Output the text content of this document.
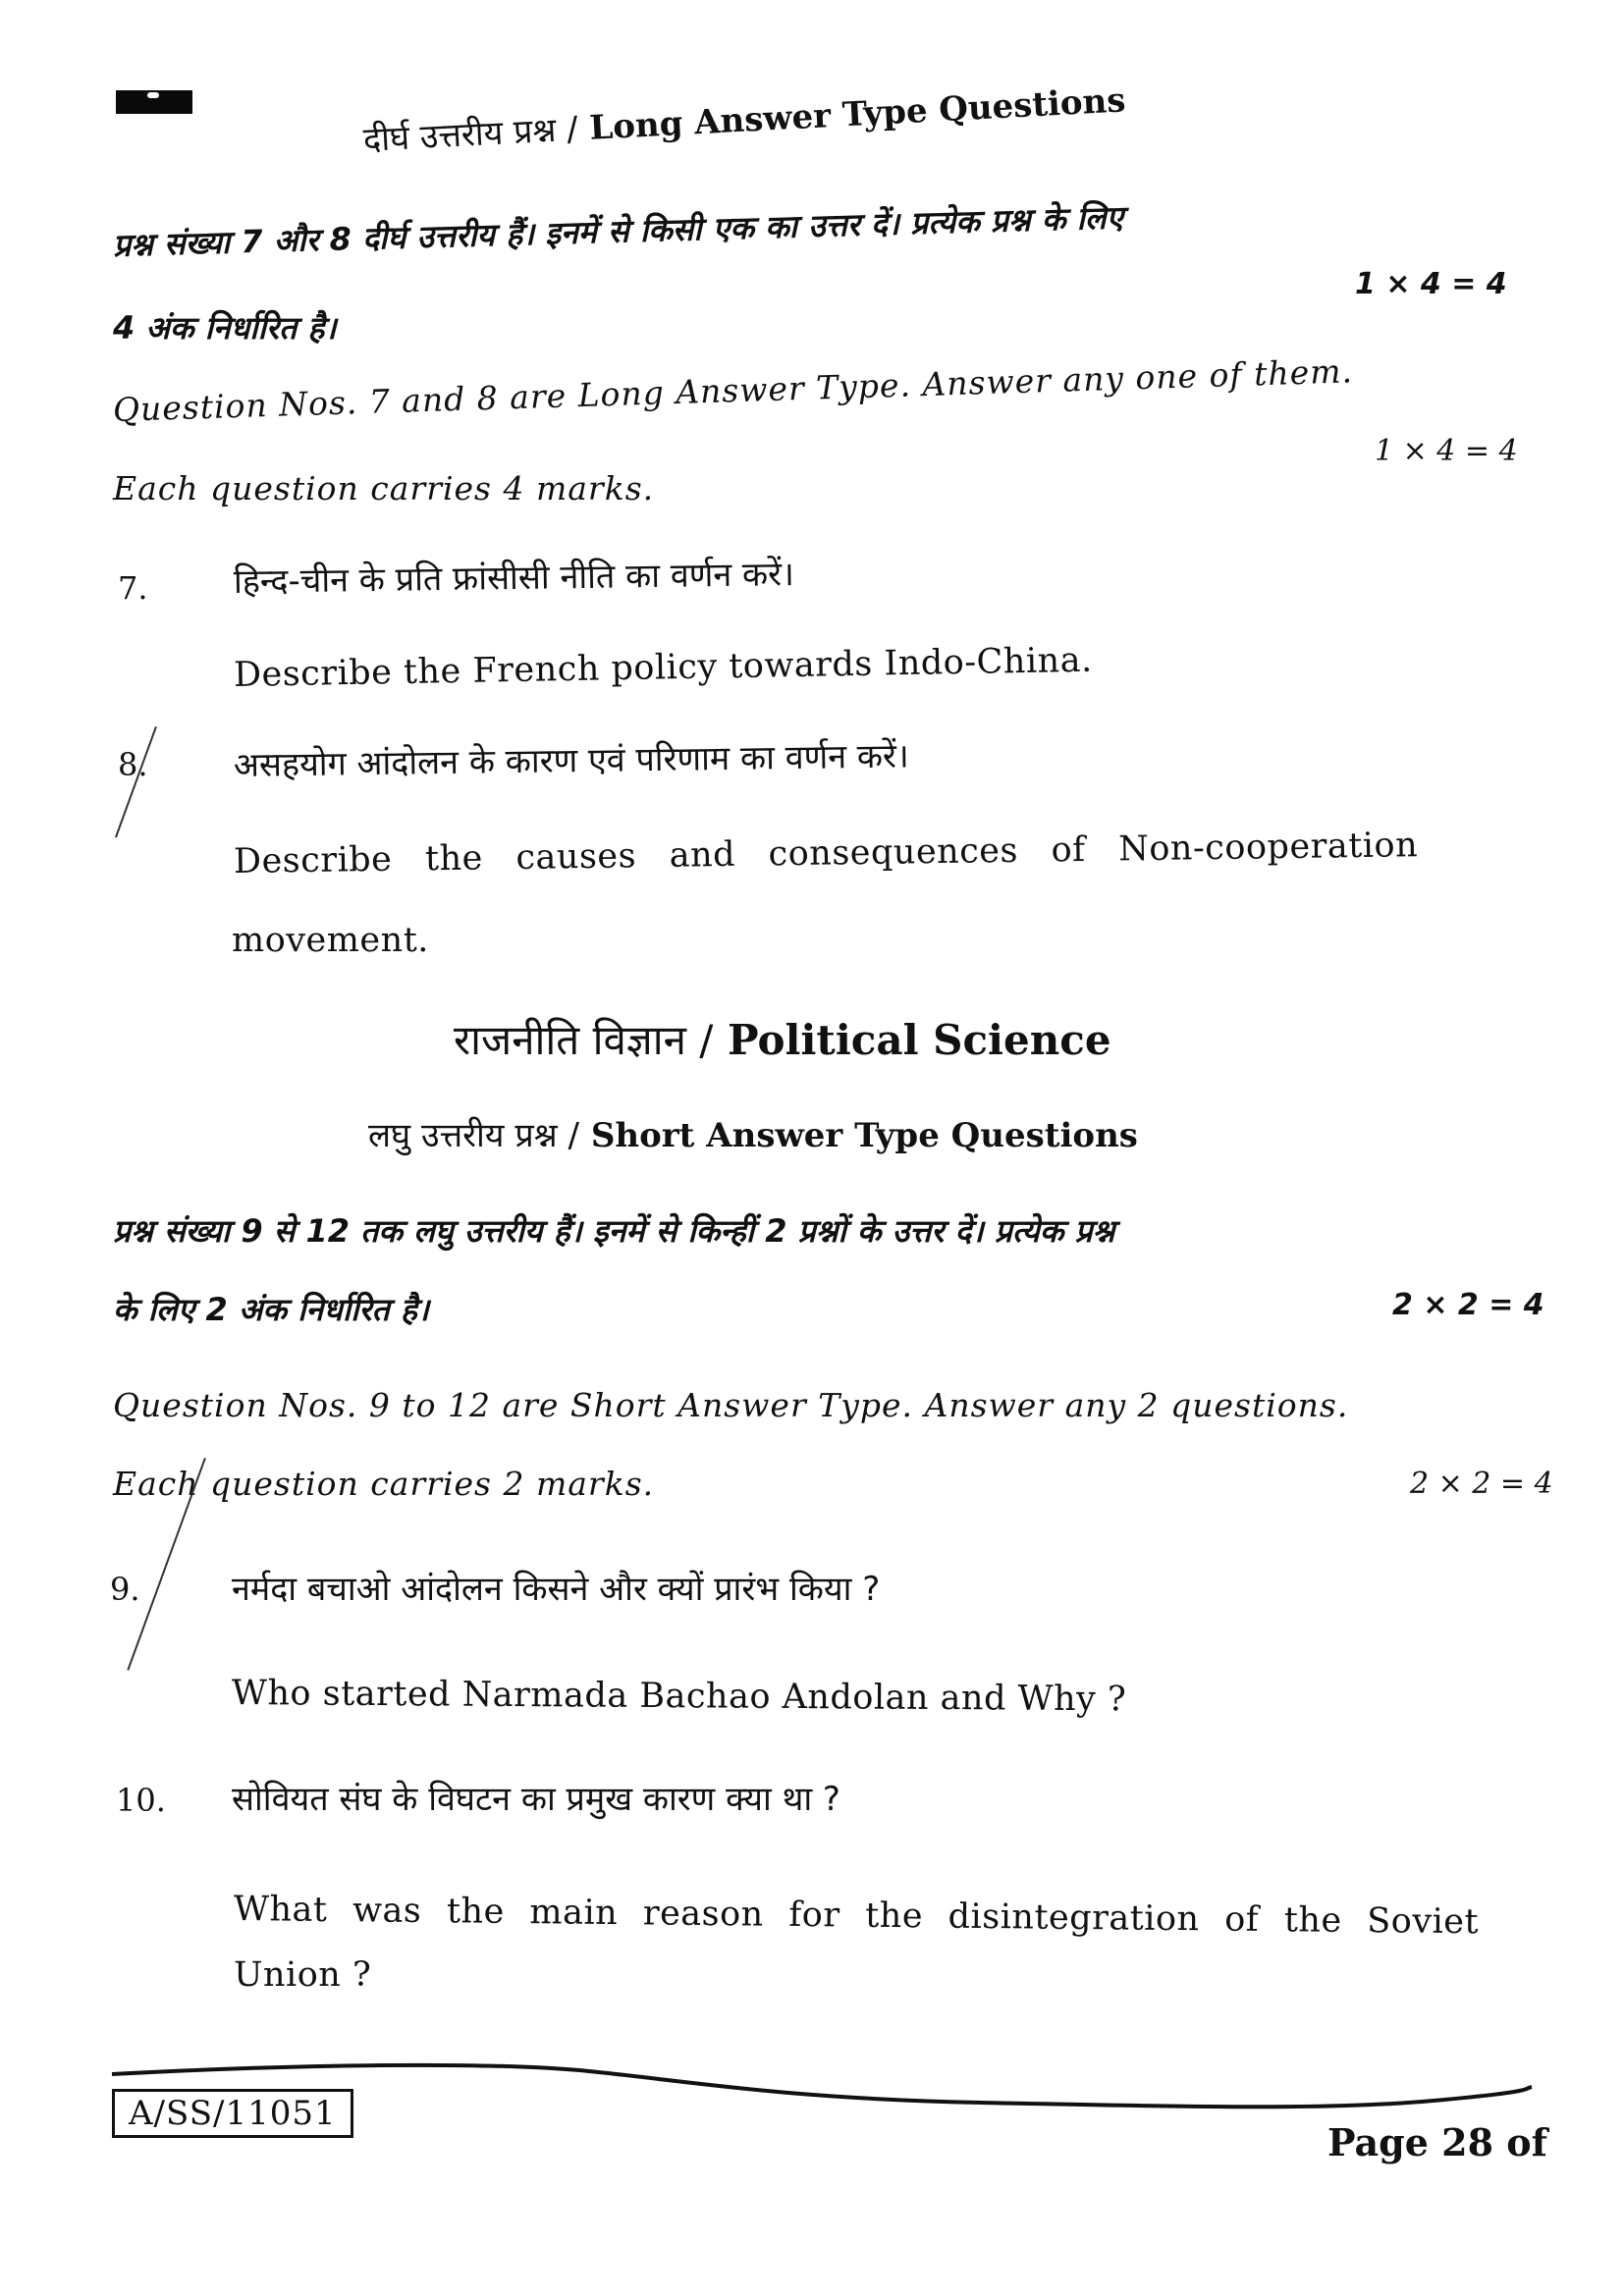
दीर्घ उत्तरीय प्रश्न / Long Answer Type Questions
प्रश्न संख्या 7 और 8 दीर्घ उत्तरीय हैं। इनमें से किसी एक का उत्तर दें। प्रत्येक प्रश्न के लिए
1 × 4 = 4
4 अंक निर्धारित है।
Question Nos. 7 and 8 are Long Answer Type. Answer any one of them.
1 × 4 = 4
Each question carries 4 marks.
7.	हिन्द-चीन के प्रति फ्रांसीसी नीति का वर्णन करें।
Describe the French policy towards Indo-China.
8.	असहयोग आंदोलन के कारण एवं परिणाम का वर्णन करें।
Describe the causes and consequences of Non-cooperation
movement.
राजनीति विज्ञान / Political Science
लघु उत्तरीय प्रश्न / Short Answer Type Questions
प्रश्न संख्या 9 से 12 तक लघु उत्तरीय हैं। इनमें से किन्हीं 2 प्रश्नों के उत्तर दें। प्रत्येक प्रश्न
के लिए 2 अंक निर्धारित है।	2 × 2 = 4
Question Nos. 9 to 12 are Short Answer Type. Answer any 2 questions.
Each question carries 2 marks.	2 × 2 = 4
9.	नर्मदा बचाओ आंदोलन किसने और क्यों प्रारंभ किया ?
Who started Narmada Bachao Andolan and Why ?
10. सोवियत संघ के विघटन का प्रमुख कारण क्या था ?
What was the main reason for the disintegration of the Soviet
Union ?
A/SS/11051
Page 28 of
